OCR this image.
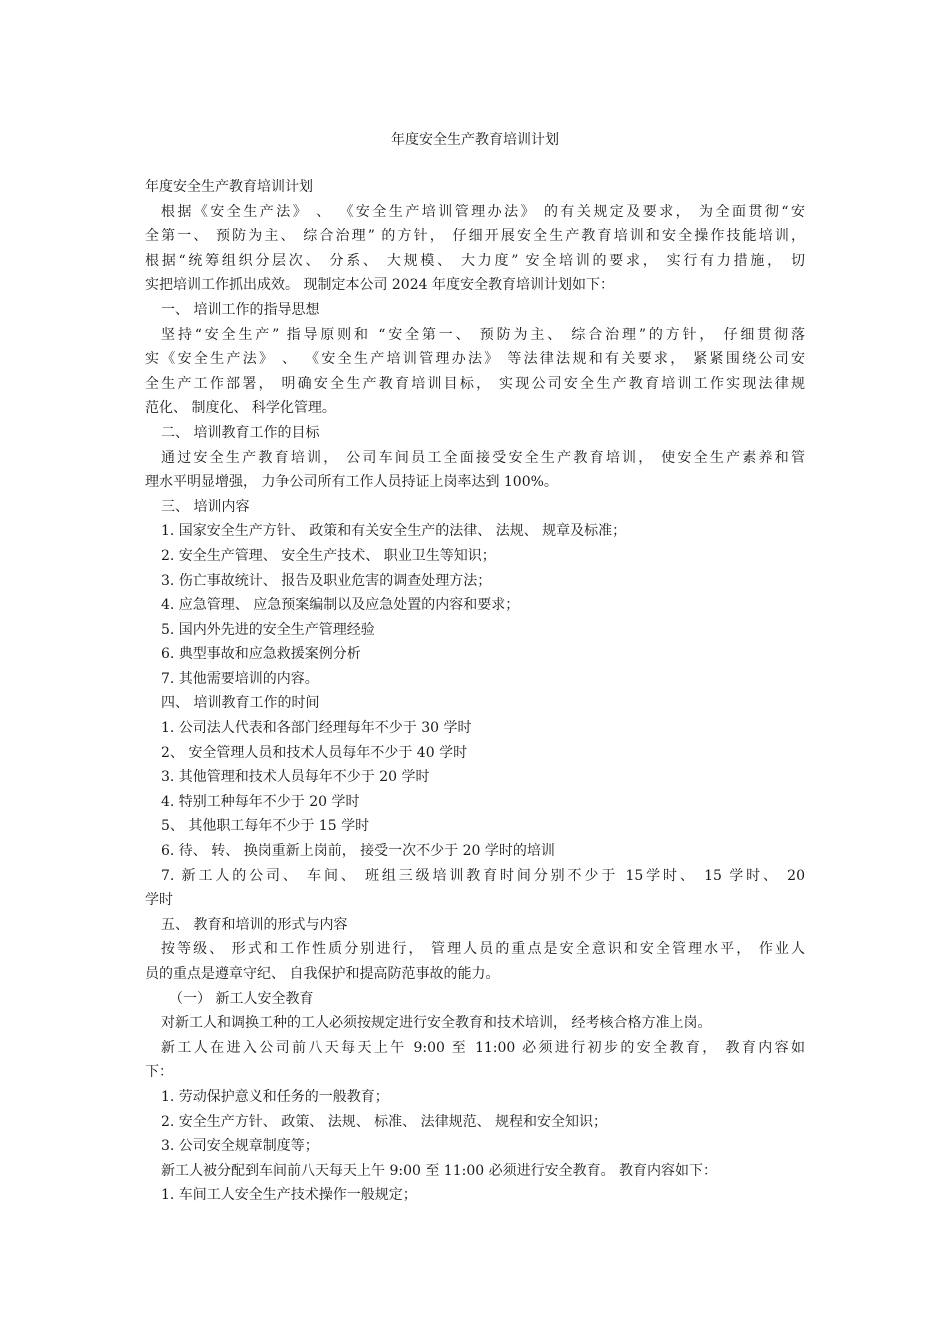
年度安全生产教育培训计划
年度安全生产教育培训计划
根据《安全生产法》 、 《安全生产培训管理办法》 的有关规定及要求， 为全面贯彻“安
全第一、 预防为主、 综合治理” 的方针， 仔细开展安全生产教育培训和安全操作技能培训，
根据“统筹组织分层次、 分系、 大规模、 大力度” 安全培训的要求， 实行有力措施， 切
实把培训工作抓出成效。 现制定本公司 2024 年度安全教育培训计划如下：
一、 培训工作的指导思想
坚持“安全生产” 指导原则和 “安全第一、 预防为主、 综合治理”的方针， 仔细贯彻落
实《安全生产法》 、 《安全生产培训管理办法》 等法律法规和有关要求， 紧紧围绕公司安
全生产工作部署， 明确安全生产教育培训目标， 实现公司安全生产教育培训工作实现法律规
范化、 制度化、 科学化管理。
二、 培训教育工作的目标
通过安全生产教育培训， 公司车间员工全面接受安全生产教育培训， 使安全生产素养和管
理水平明显增强， 力争公司所有工作人员持证上岗率达到 100%。
三、 培训内容
1. 国家安全生产方针、 政策和有关安全生产的法律、 法规、 规章及标准；
2. 安全生产管理、 安全生产技术、 职业卫生等知识；
3. 伤亡事故统计、 报告及职业危害的调查处理方法；
4. 应急管理、 应急预案编制以及应急处置的内容和要求；
5. 国内外先进的安全生产管理经验
6. 典型事故和应急救援案例分析
7. 其他需要培训的内容。
四、 培训教育工作的时间
1. 公司法人代表和各部门经理每年不少于 30 学时
2、 安全管理人员和技术人员每年不少于 40 学时
3. 其他管理和技术人员每年不少于 20 学时
4. 特别工种每年不少于 20 学时
5、 其他职工每年不少于 15 学时
6. 待、 转、 换岗重新上岗前， 接受一次不少于 20 学时的培训
7. 新工人的公司、 车间、 班组三级培训教育时间分别不少于 15学时、 15 学时、 20
学时
五、 教育和培训的形式与内容
按等级、 形式和工作性质分别进行， 管理人员的重点是安全意识和安全管理水平， 作业人
员的重点是遵章守纪、 自我保护和提高防范事故的能力。
（一） 新工人安全教育
对新工人和调换工种的工人必须按规定进行安全教育和技术培训， 经考核合格方准上岗。
新工人在进入公司前八天每天上午 9:00 至 11:00 必须进行初步的安全教育， 教育内容如
下：
1. 劳动保护意义和任务的一般教育；
2. 安全生产方针、 政策、 法规、 标准、 法律规范、 规程和安全知识；
3. 公司安全规章制度等；
新工人被分配到车间前八天每天上午 9:00 至 11:00 必须进行安全教育。 教育内容如下：
1. 车间工人安全生产技术操作一般规定；
